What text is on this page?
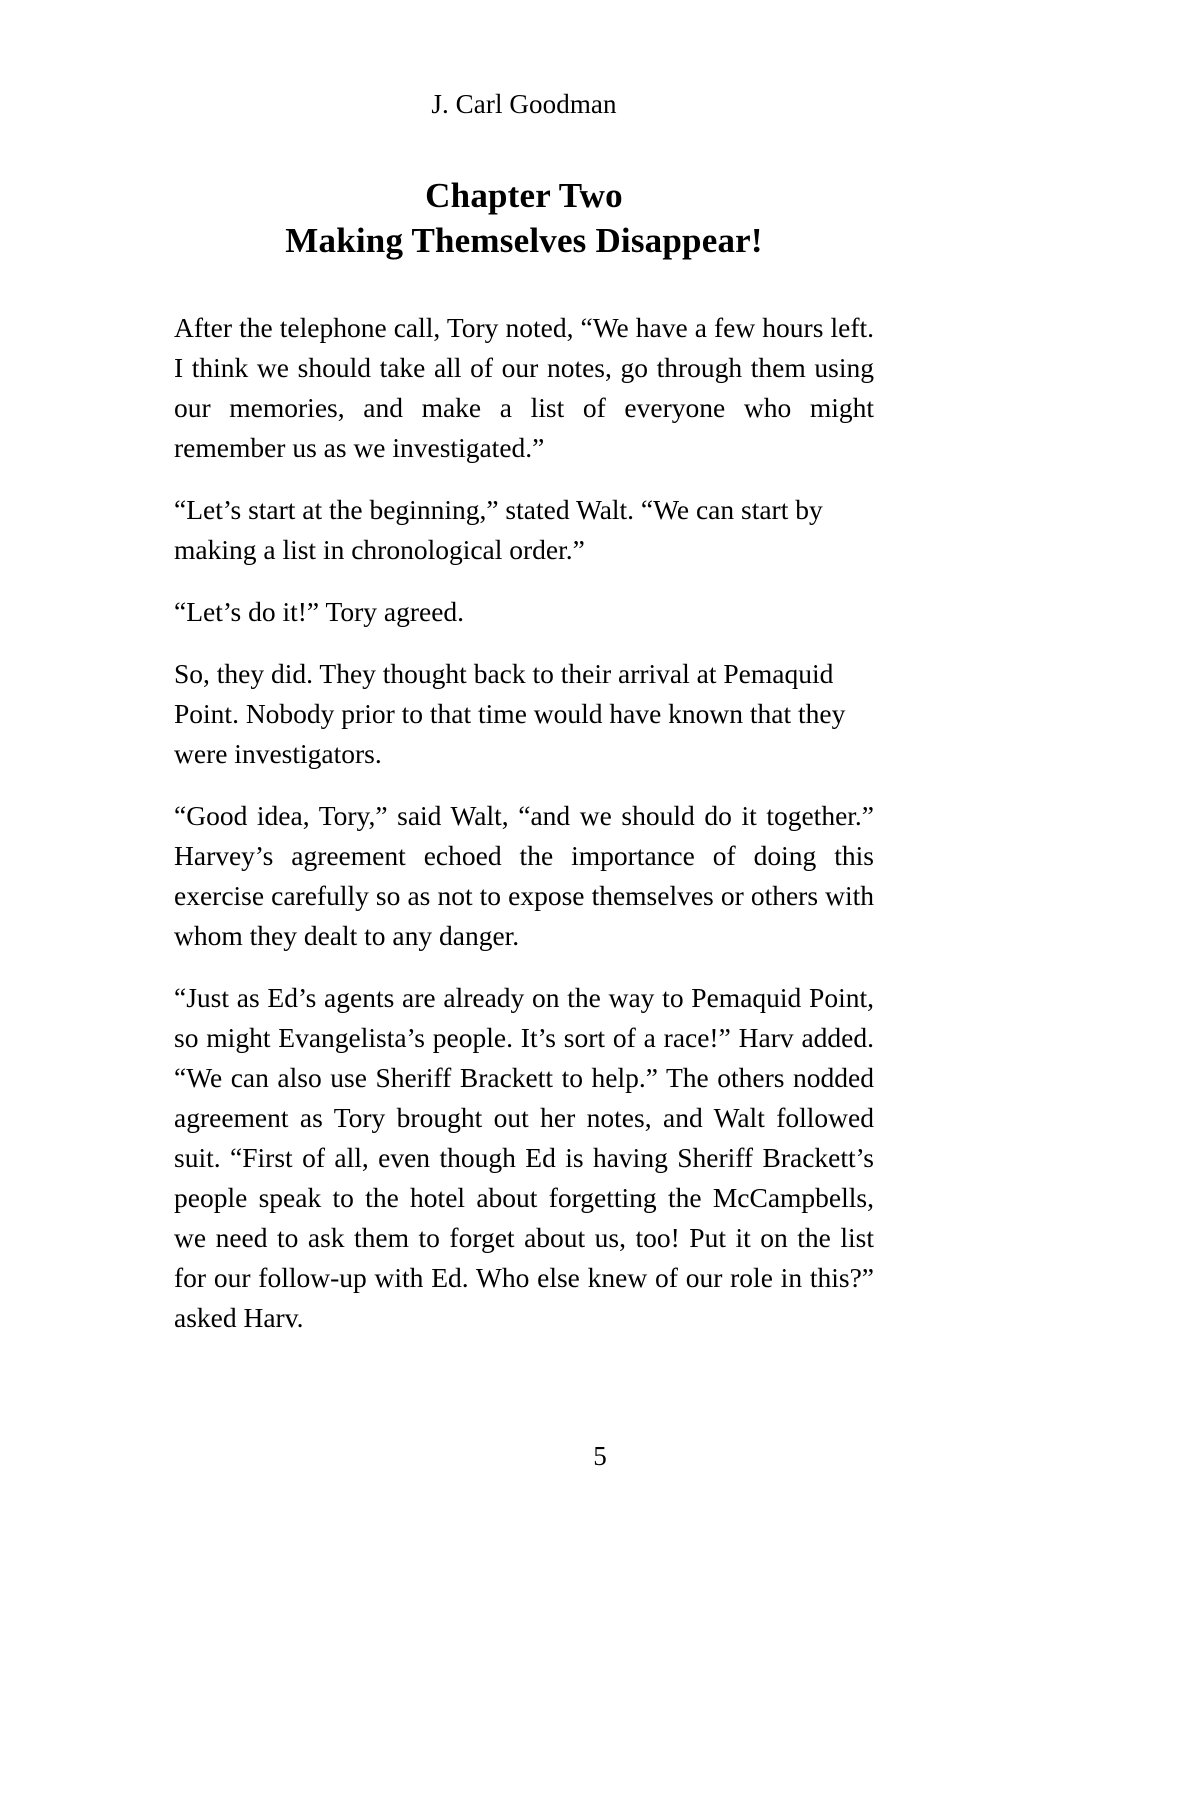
J. Carl Goodman
Chapter Two
Making Themselves Disappear!

After the telephone call, Tory noted, “We have a few hours left. I think we should take all of our notes, go through them using our memories, and make a list of everyone who might remember us as we investigated.”

“Let’s start at the beginning,” stated Walt. “We can start by making a list in chronological order.”

“Let’s do it!” Tory agreed.

So, they did. They thought back to their arrival at Pemaquid Point. Nobody prior to that time would have known that they were investigators.

“Good idea, Tory,” said Walt, “and we should do it together.” Harvey’s agreement echoed the importance of doing this exercise carefully so as not to expose themselves or others with whom they dealt to any danger.

“Just as Ed’s agents are already on the way to Pemaquid Point, so might Evangelista’s people. It’s sort of a race!” Harv added. “We can also use Sheriff Brackett to help.” The others nodded agreement as Tory brought out her notes, and Walt followed suit. “First of all, even though Ed is having Sheriff Brackett’s people speak to the hotel about forgetting the McCampbells, we need to ask them to forget about us, too! Put it on the list for our follow-up with Ed. Who else knew of our role in this?” asked Harv.

5
